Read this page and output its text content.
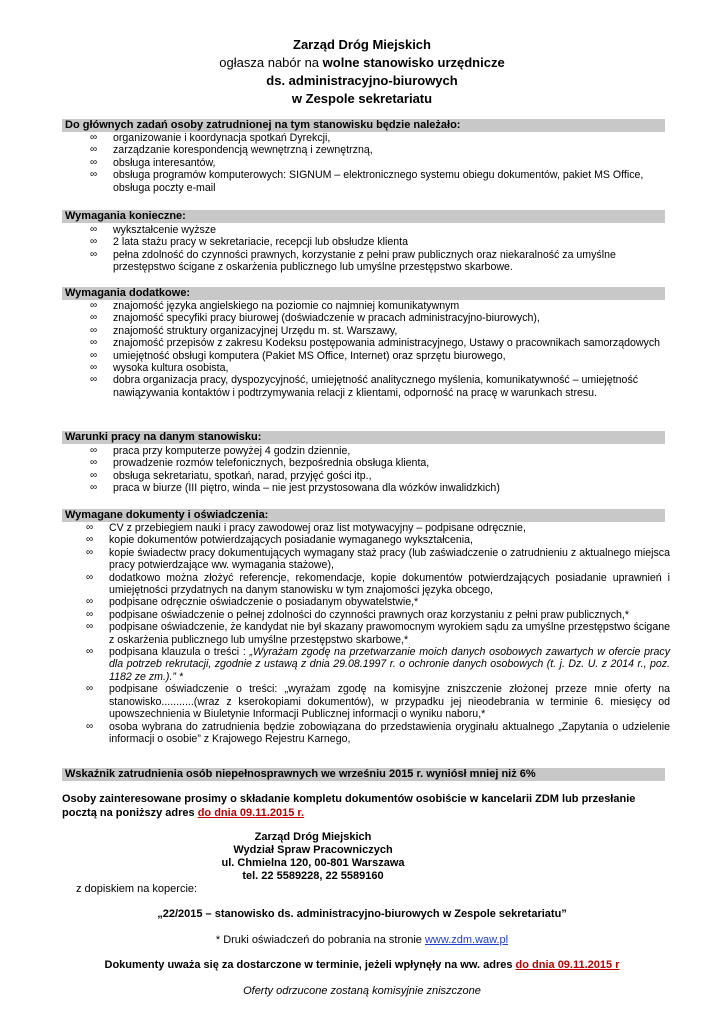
Zarząd Dróg Miejskich
ogłasza nabór na wolne stanowisko urzędnicze
ds. administracyjno-biurowych
w Zespole sekretariatu
Do głównych zadań osoby zatrudnionej na tym stanowisku będzie należało:
∞ organizowanie i koordynacja spotkań Dyrekcji,
∞ zarządzanie korespondencją wewnętrzną i zewnętrzną,
∞ obsługa interesantów,
∞ obsługa programów komputerowych: SIGNUM – elektronicznego systemu obiegu dokumentów, pakiet MS Office, obsługa poczty e-mail
Wymagania konieczne:
∞ wykształcenie wyższe
∞ 2 lata stażu pracy w sekretariacie, recepcji lub obsłudze klienta
∞ pełna zdolność do czynności prawnych, korzystanie z pełni praw publicznych oraz niekaralność za umyślne przestępstwo ścigane z oskarżenia publicznego lub umyślne przestępstwo skarbowe.
Wymagania dodatkowe:
∞ znajomość języka angielskiego na poziomie co najmniej komunikatywnym
∞ znajomość specyfiki pracy biurowej (doświadczenie w pracach administracyjno-biurowych),
∞ znajomość struktury organizacyjnej Urzędu m. st. Warszawy,
∞ znajomość przepisów z zakresu Kodeksu postępowania administracyjnego, Ustawy o pracownikach samorządowych
∞ umiejętność obsługi komputera (Pakiet MS Office, Internet) oraz sprzętu biurowego,
∞ wysoka kultura osobista,
∞ dobra organizacja pracy, dyspozycyjność, umiejętność analitycznego myślenia, komunikatywność – umiejętność nawiązywania kontaktów i podtrzymywania relacji z klientami, odporność na pracę w warunkach stresu.
Warunki pracy na danym stanowisku:
∞ praca przy komputerze powyżej 4 godzin dziennie,
∞ prowadzenie rozmów telefonicznych, bezpośrednia obsługa klienta,
∞ obsługa sekretariatu, spotkań, narad, przyjęć gości itp.,
∞ praca w biurze (III piętro, winda – nie jest przystosowana dla wózków inwalidzkich)
Wymagane dokumenty i oświadczenia:
∞ CV z przebiegiem nauki i pracy zawodowej oraz list motywacyjny – podpisane odręcznie,
∞ kopie dokumentów potwierdzających posiadanie wymaganego wykształcenia,
∞ kopie świadectw pracy dokumentujących wymagany staż pracy (lub zaświadczenie o zatrudnieniu z aktualnego miejsca pracy potwierdzające ww. wymagania stażowe),
∞ dodatkowo można złożyć referencje, rekomendacje, kopie dokumentów potwierdzających posiadanie uprawnień i umiejętności przydatnych na danym stanowisku w tym znajomości języka obcego,
∞ podpisane odręcznie oświadczenie o posiadanym obywatelstwie,*
∞ podpisane oświadczenie o pełnej zdolności do czynności prawnych oraz korzystaniu z pełni praw publicznych,*
∞ podpisane oświadczenie, że kandydat nie był skazany prawomocnym wyrokiem sądu za umyślne przestępstwo ścigane z oskarżenia publicznego lub umyślne przestępstwo skarbowe,*
∞ podpisana klauzula o treści : „Wyrażam zgodę na przetwarzanie moich danych osobowych zawartych w ofercie pracy dla potrzeb rekrutacji, zgodnie z ustawą z dnia 29.08.1997 r. o ochronie danych osobowych (t. j. Dz. U. z 2014 r., poz. 1182 ze zm.).” *
∞ podpisane oświadczenie o treści: „wyrażam zgodę na komisyjne zniszczenie złożonej przeze mnie oferty na stanowisko...........(wraz z kserokopiami dokumentów), w przypadku jej nieodebrania w terminie 6. miesięcy od upowszechnienia w Biuletynie Informacji Publicznej informacji o wyniku naboru,*
∞ osoba wybrana do zatrudnienia będzie zobowiązana do przedstawienia oryginału aktualnego „Zapytania o udzielenie informacji o osobie” z Krajowego Rejestru Karnego,
Wskaźnik zatrudnienia osób niepełnosprawnych we wrześniu 2015 r. wyniósł mniej niż 6%
Osoby zainteresowane prosimy o składanie kompletu dokumentów osobiście w kancelarii ZDM lub przesłanie pocztą na poniższy adres do dnia 09.11.2015 r.
Zarząd Dróg Miejskich
Wydział Spraw Pracowniczych
ul. Chmielna 120, 00-801 Warszawa
tel. 22 5589228, 22 5589160
z dopiskiem na kopercie:
„22/2015 – stanowisko ds. administracyjno-biurowych w Zespole sekretariatu”
* Druki oświadczeń do pobrania na stronie www.zdm.waw.pl
Dokumenty uważa się za dostarczone w terminie, jeżeli wpłynęły na ww. adres do dnia 09.11.2015 r
Oferty odrzucone zostaną komisyjnie zniszczone
